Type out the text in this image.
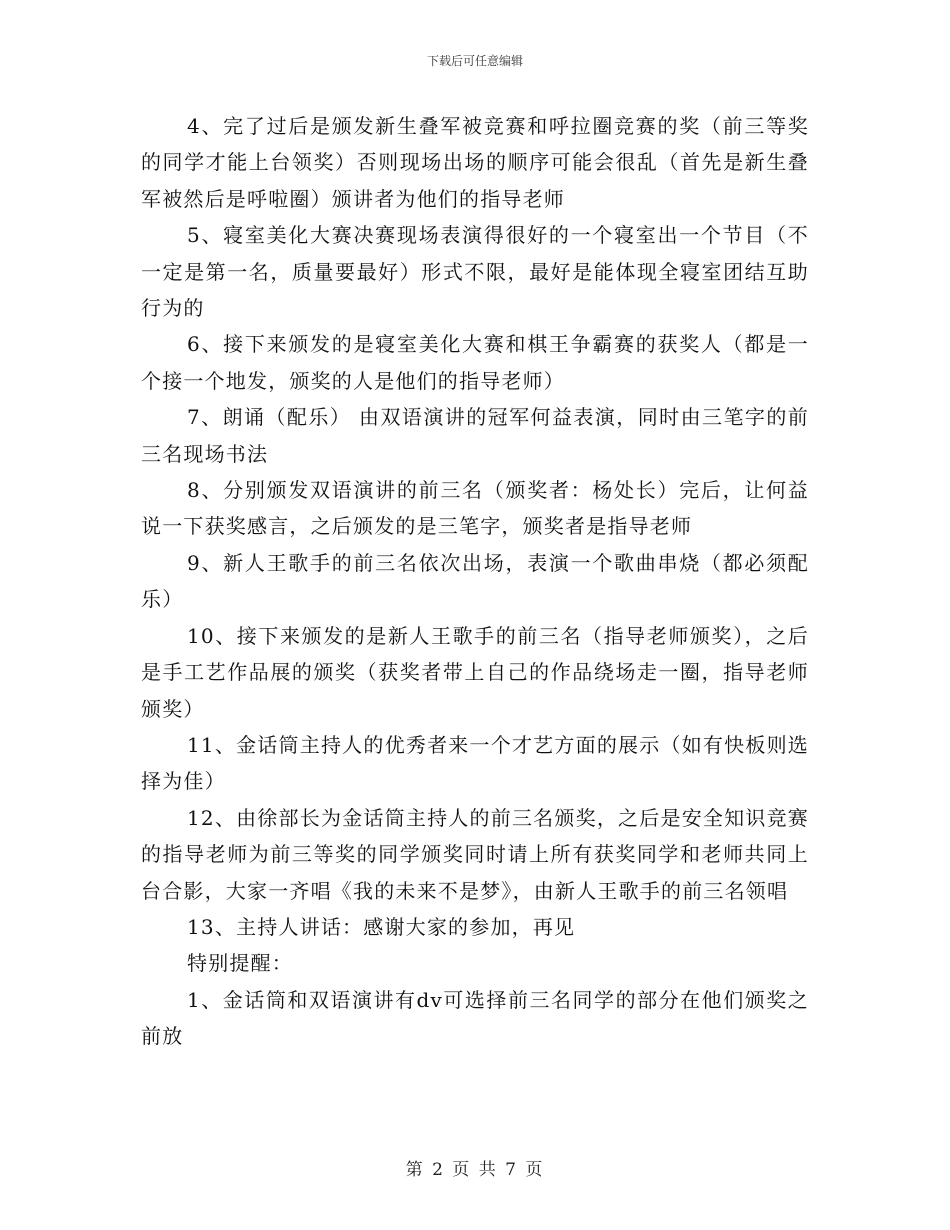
下载后可任意编辑

4、完了过后是颁发新生叠军被竞赛和呼拉圈竞赛的奖（前三等奖的同学才能上台领奖）否则现场出场的顺序可能会很乱（首先是新生叠军被然后是呼啦圈）颁讲者为他们的指导老师

5、寝室美化大赛决赛现场表演得很好的一个寝室出一个节目（不一定是第一名，质量要最好）形式不限，最好是能体现全寝室团结互助行为的

6、接下来颁发的是寝室美化大赛和棋王争霸赛的获奖人（都是一个接一个地发，颁奖的人是他们的指导老师）

7、朗诵（配乐） 由双语演讲的冠军何益表演，同时由三笔字的前三名现场书法

8、分别颁发双语演讲的前三名（颁奖者：杨处长）完后，让何益说一下获奖感言，之后颁发的是三笔字，颁奖者是指导老师

9、新人王歌手的前三名依次出场，表演一个歌曲串烧（都必须配乐）

10、接下来颁发的是新人王歌手的前三名（指导老师颁奖），之后是手工艺作品展的颁奖（获奖者带上自己的作品绕场走一圈，指导老师颁奖）

11、金话筒主持人的优秀者来一个才艺方面的展示（如有快板则选择为佳）

12、由徐部长为金话筒主持人的前三名颁奖，之后是安全知识竞赛的指导老师为前三等奖的同学颁奖同时请上所有获奖同学和老师共同上台合影，大家一齐唱《我的未来不是梦》，由新人王歌手的前三名领唱

13、主持人讲话：感谢大家的参加，再见

特别提醒：

1、金话筒和双语演讲有dv可选择前三名同学的部分在他们颁奖之前放

第 2 页 共 7 页
